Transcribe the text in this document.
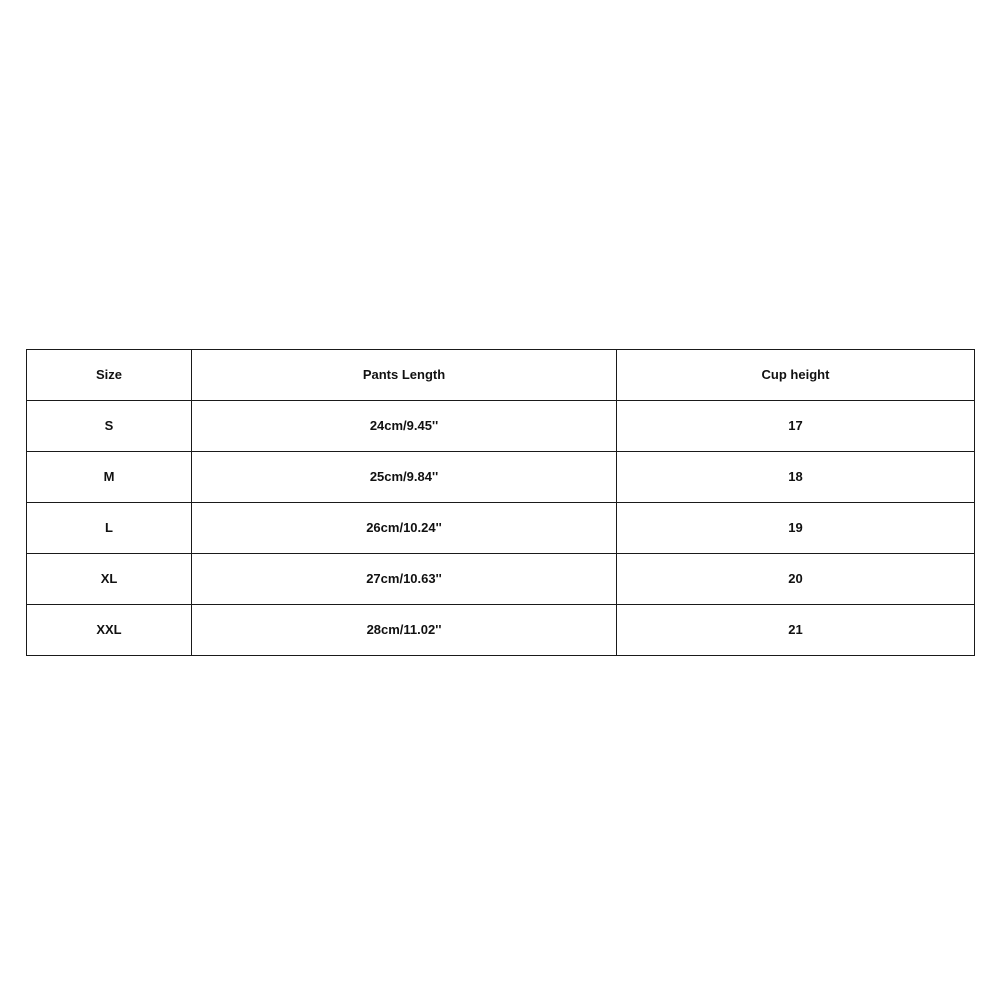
Size	Pants Length	Cup height
S	24cm/9.45''	17
M	25cm/9.84''	18
L	26cm/10.24''	19
XL	27cm/10.63''	20
XXL	28cm/11.02''	21
